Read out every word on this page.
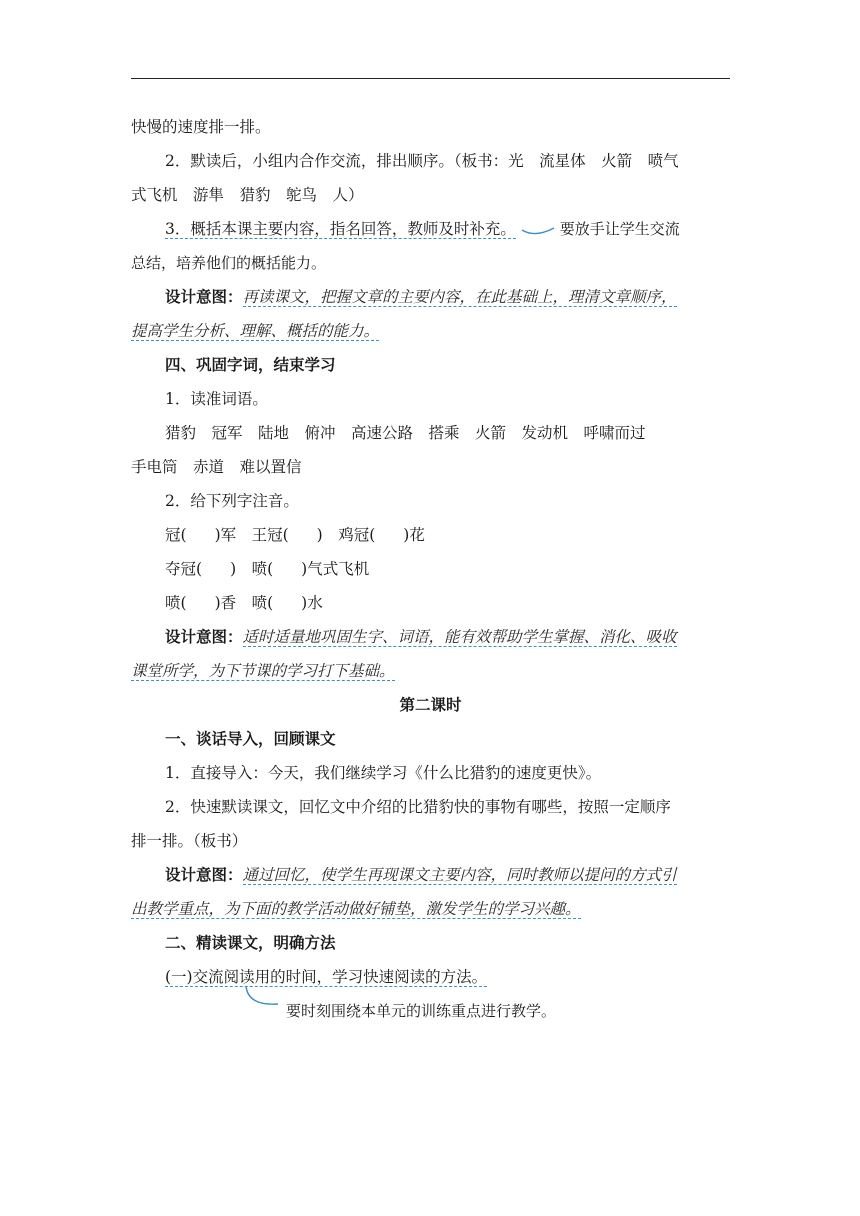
快慢的速度排一排。
2．默读后，小组内合作交流，排出顺序。（板书：光　流星体　火箭　喷气
式飞机　游隼　猎豹　鸵鸟　人）
3．概括本课主要内容，指名回答，教师及时补充。	要放手让学生交流
总结，培养他们的概括能力。
设计意图：再读课文，把握文章的主要内容，在此基础上，理清文章顺序，
提高学生分析、理解、概括的能力。
四、巩固字词，结束学习
1．读准词语。
猎豹　冠军　陆地　俯冲　高速公路　搭乘　火箭　发动机　呼啸而过
手电筒　赤道　难以置信
2．给下列字注音。
冠( )军　王冠( )　鸡冠( )花
夺冠( )　喷( )气式飞机
喷( )香　喷( )水
设计意图：适时适量地巩固生字、词语，能有效帮助学生掌握、消化、吸收
课堂所学，为下节课的学习打下基础。
第二课时
一、谈话导入，回顾课文
1．直接导入：今天，我们继续学习《什么比猎豹的速度更快》。
2．快速默读课文，回忆文中介绍的比猎豹快的事物有哪些，按照一定顺序
排一排。（板书）
设计意图：通过回忆，使学生再现课文主要内容，同时教师以提问的方式引
出教学重点，为下面的教学活动做好铺垫，激发学生的学习兴趣。
二、精读课文，明确方法
(一)交流阅读用的时间，学习快速阅读的方法。
要时刻围绕本单元的训练重点进行教学。
